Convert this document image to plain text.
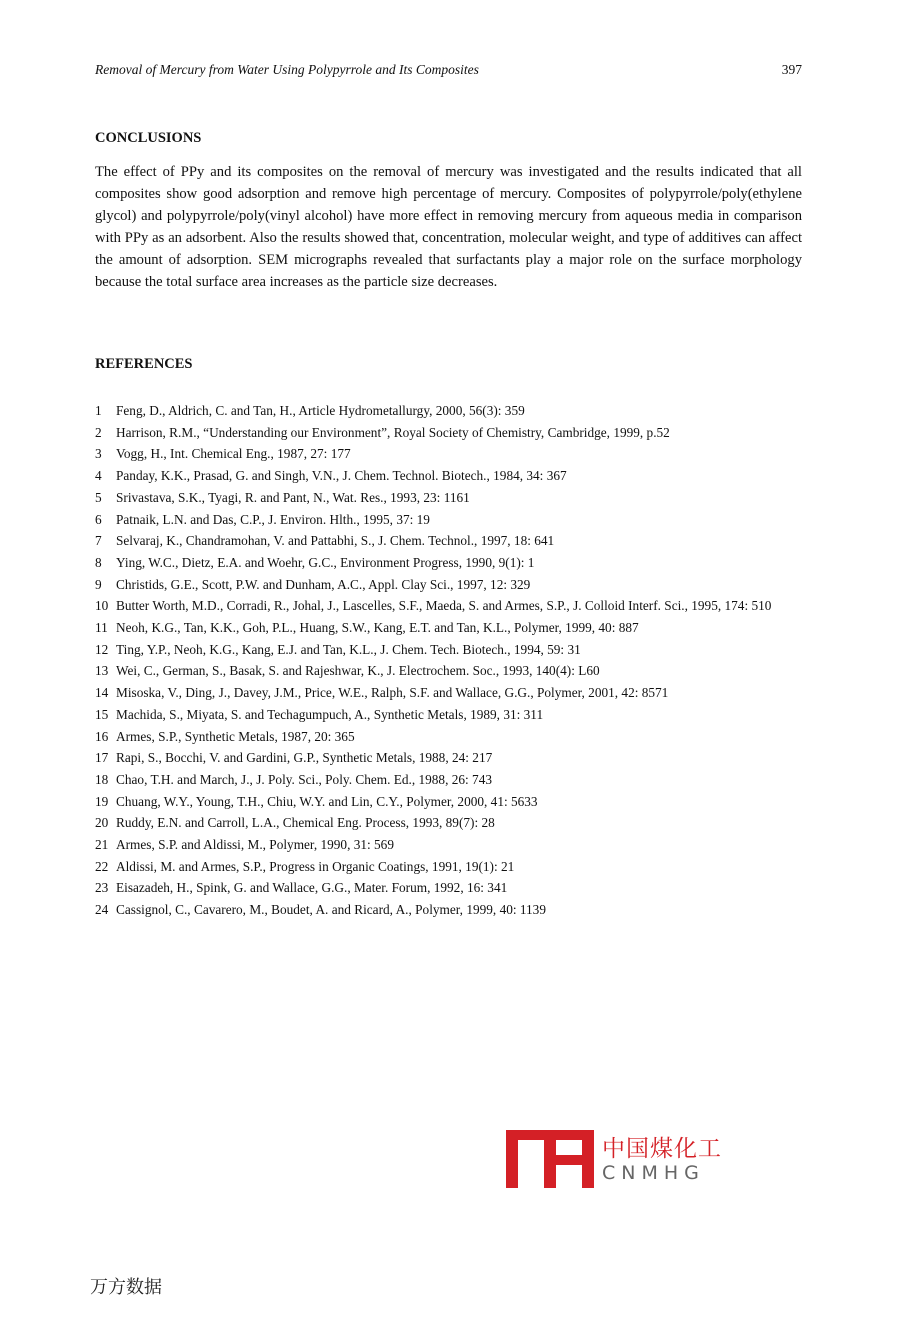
Removal of Mercury from Water Using Polypyrrole and Its Composites	397
CONCLUSIONS

The effect of PPy and its composites on the removal of mercury was investigated and the results indicated that all composites show good adsorption and remove high percentage of mercury. Composites of polypyrrole/poly(ethylene glycol) and polypyrrole/poly(vinyl alcohol) have more effect in removing mercury from aqueous media in comparison with PPy as an adsorbent. Also the results showed that, concentration, molecular weight, and type of additives can affect the amount of adsorption. SEM micrographs revealed that surfactants play a major role on the surface morphology because the total surface area increases as the particle size decreases.

REFERENCES
1	Feng, D., Aldrich, C. and Tan, H., Article Hydrometallurgy, 2000, 56(3): 359
2	Harrison, R.M., “Understanding our Environment”, Royal Society of Chemistry, Cambridge, 1999, p.52
3	Vogg, H., Int. Chemical Eng., 1987, 27: 177
4	Panday, K.K., Prasad, G. and Singh, V.N., J. Chem. Technol. Biotech., 1984, 34: 367
5	Srivastava, S.K., Tyagi, R. and Pant, N., Wat. Res., 1993, 23: 1161
6	Patnaik, L.N. and Das, C.P., J. Environ. Hlth., 1995, 37: 19
7	Selvaraj, K., Chandramohan, V. and Pattabhi, S., J. Chem. Technol., 1997, 18: 641
8	Ying, W.C., Dietz, E.A. and Woehr, G.C., Environment Progress, 1990, 9(1): 1
9	Christids, G.E., Scott, P.W. and Dunham, A.C., Appl. Clay Sci., 1997, 12: 329
10 Butter Worth, M.D., Corradi, R., Johal, J., Lascelles, S.F., Maeda, S. and Armes, S.P., J. Colloid Interf. Sci., 1995, 174: 510
11 Neoh, K.G., Tan, K.K., Goh, P.L., Huang, S.W., Kang, E.T. and Tan, K.L., Polymer, 1999, 40: 887
12 Ting, Y.P., Neoh, K.G., Kang, E.J. and Tan, K.L., J. Chem. Tech. Biotech., 1994, 59: 31
13 Wei, C., German, S., Basak, S. and Rajeshwar, K., J. Electrochem. Soc., 1993, 140(4): L60
14 Misoska, V., Ding, J., Davey, J.M., Price, W.E., Ralph, S.F. and Wallace, G.G., Polymer, 2001, 42: 8571
15 Machida, S., Miyata, S. and Techagumpuch, A., Synthetic Metals, 1989, 31: 311
16 Armes, S.P., Synthetic Metals, 1987, 20: 365
17 Rapi, S., Bocchi, V. and Gardini, G.P., Synthetic Metals, 1988, 24: 217
18 Chao, T.H. and March, J., J. Poly. Sci., Poly. Chem. Ed., 1988, 26: 743
19 Chuang, W.Y., Young, T.H., Chiu, W.Y. and Lin, C.Y., Polymer, 2000, 41: 5633
20 Ruddy, E.N. and Carroll, L.A., Chemical Eng. Process, 1993, 89(7): 28
21 Armes, S.P. and Aldissi, M., Polymer, 1990, 31: 569
22 Aldissi, M. and Armes, S.P., Progress in Organic Coatings, 1991, 19(1): 21
23 Eisazadeh, H., Spink, G. and Wallace, G.G., Mater. Forum, 1992, 16: 341
24 Cassignol, C., Cavarero, M., Boudet, A. and Ricard, A., Polymer, 1999, 40: 1139
中国煤化工
CNMHG
万方数据
